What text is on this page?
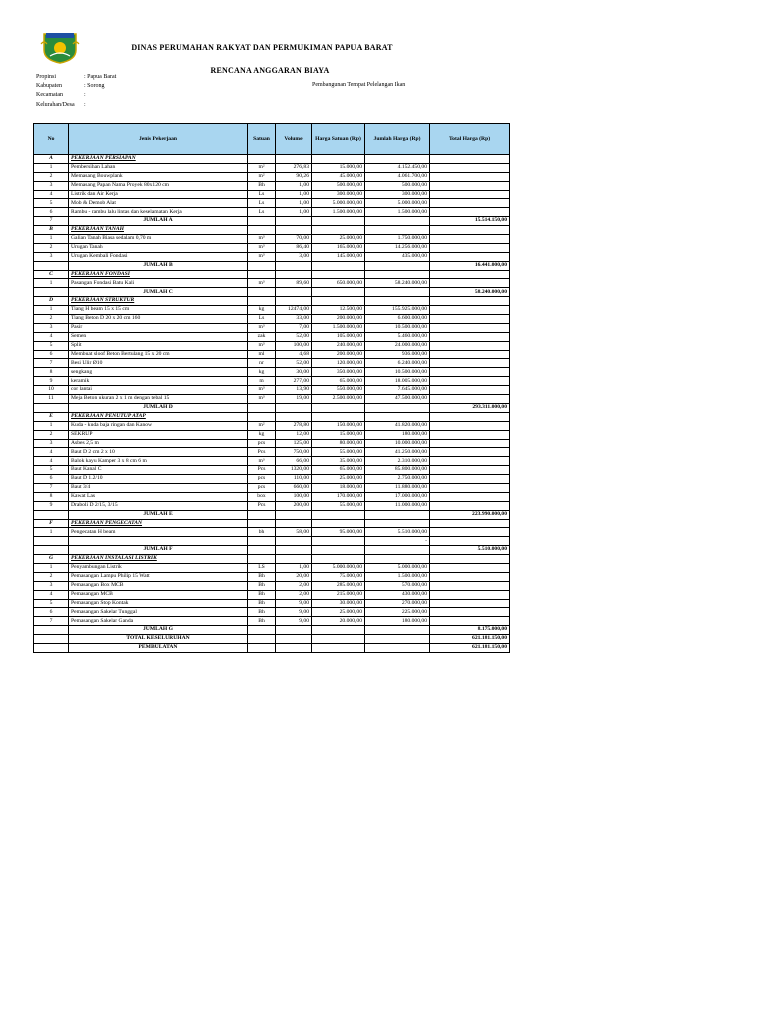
DINAS PERUMAHAN RAKYAT DAN PERMUKIMAN PAPUA BARAT
RENCANA ANGGARAN BIAYA
Propinsi	: Papua Barat
Kabupaten	: Sorong
Kecamatan	:
Kelurahan/Desa	:
Pembangunan Tempat Pelelangan Ikan
No	Jenis Pekerjaan	Satuan	Volume	Harga Satuan (Rp)	Jumlah Harga (Rp)	Total Harga (Rp)
A	PEKERJAAN PERSIAPAN					
1	Pembersihan Lahan	m²	276,83	15.000,00	4.152.450,00	
2	Memasang Bouwplank	m²	90,26	45.000,00	4.061.700,00	
3	Memasang Papan Nama Proyek 80x120 cm	Bh	1,00	500.000,00	500.000,00	
4	Listrik dan Air Kerja	Ls	1,00	300.000,00	300.000,00	
5	Mob & Demob Alat	Ls	1,00	5.000.000,00	5.000.000,00	
6	Rambu - rambu lalu lintas dan keselamatan Kerja	Ls	1,00	1.500.000,00	1.500.000,00	
7	JUMLAH A					15.514.150,00
B	PEKERJAAN TANAH					
1	Galian Tanah Biasa sedalam 0,70 m	m³	70,00	25.000,00	1.750.000,00	
2	Urugan Tanah	m³	86,40	165.000,00	14.256.000,00	
3	Urugan Kembali Fondasi	m³	3,00	145.000,00	435.000,00	
	JUMLAH B					16.441.000,00
C	PEKERJAAN FONDASI					
1	Pasangan Fondasi Batu Kali	m³	89,60	650.000,00	58.240.000,00	
	JUMLAH C					58.240.000,00
D	PEKERJAAN STRUKTUR					
1	Tiang H beam 15 x 15 cm	kg	12474,00	12.500,00	155.925.000,00	
2	Tiang Beton D 20 x 20 cm 160	Ls	33,00	200.000,00	6.600.000,00	
3	Pasir	m³	7,00	1.500.000,00	10.500.000,00	
4	Semen	zak	52,00	105.000,00	5.460.000,00	
5	Split	m³	100,00	240.000,00	24.000.000,00	
6	Membuat sloof Beton Bertulang 15 x 20 cm	ml	4,68	200.000,00	936.000,00	
7	Besi Ulir Ø10	nr	52,00	120.000,00	6.240.000,00	
8	sengkang	kg	30,00	350.000,00	10.500.000,00	
9	keramik	m	277,00	65.000,00	18.005.000,00	
10	cor lantai	m³	13,90	550.000,00	7.645.000,00	
11	Meja Beton ukuran 2 x 1 m dengan tebal 15	m³	19,00	2.500.000,00	47.500.000,00	
	JUMLAH D					293.311.000,00
E	PEKERJAAN PENUTUP ATAP					
1	Kuda - kuda baja ringan dan Kanow	m²	278,80	150.000,00	41.820.000,00	
2	SEKRUP	kg	12,00	15.000,00	180.000,00	
3	Asbes 2,5 m	pcs	125,00	80.000,00	10.000.000,00	
4	Baut D 2 cm 2 x 10	Pcs	750,00	55.000,00	41.250.000,00	
4	Balok kayu Kamper 3 x 8 cm 6 m	m³	66,00	35.000,00	2.310.000,00	
5	Baut Kanal C	Pcs	1320,00	65.000,00	85.800.000,00	
6	Baut D 1.2/10	pcs	110,00	25.000,00	2.750.000,00	
7	Baut 3/4	pcs	660,00	18.000,00	11.880.000,00	
8	Kawat Las	box	100,00	170.000,00	17.000.000,00	
9	Draboli D 2/15, 3/15	Pcs	200,00	55.000,00	11.000.000,00	
	JUMLAH E					223.990.000,00
F	PEKERJAAN PENGECATAN					
1	Pengecatan H beam	bh	58,00	95.000,00	5.510.000,00	
					-	
	JUMLAH F					5.510.000,00
G	PEKERJAAN INSTALASI LISTRIK					
1	Penyambungan Listrik	LS	1,00	5.000.000,00	5.000.000,00	
2	Pemasangan Lampu Philip 15 Watt	Bh	20,00	75.000,00	1.500.000,00	
3	Pemasangan Box MCB	Bh	2,00	285.000,00	570.000,00	
4	Pemasangan MCB	Bh	2,00	215.000,00	430.000,00	
5	Pemasangan Stop Kontak	Bh	9,00	30.000,00	270.000,00	
6	Pemasangan Sakelar Tunggal	Bh	9,00	25.000,00	225.000,00	
7	Pemasangan Sakelar Ganda	Bh	9,00	20.000,00	180.000,00	
	JUMLAH G					8.175.000,00
	TOTAL KESELURUHAN					621.181.150,00
	PEMBULATAN					621.181.150,00
